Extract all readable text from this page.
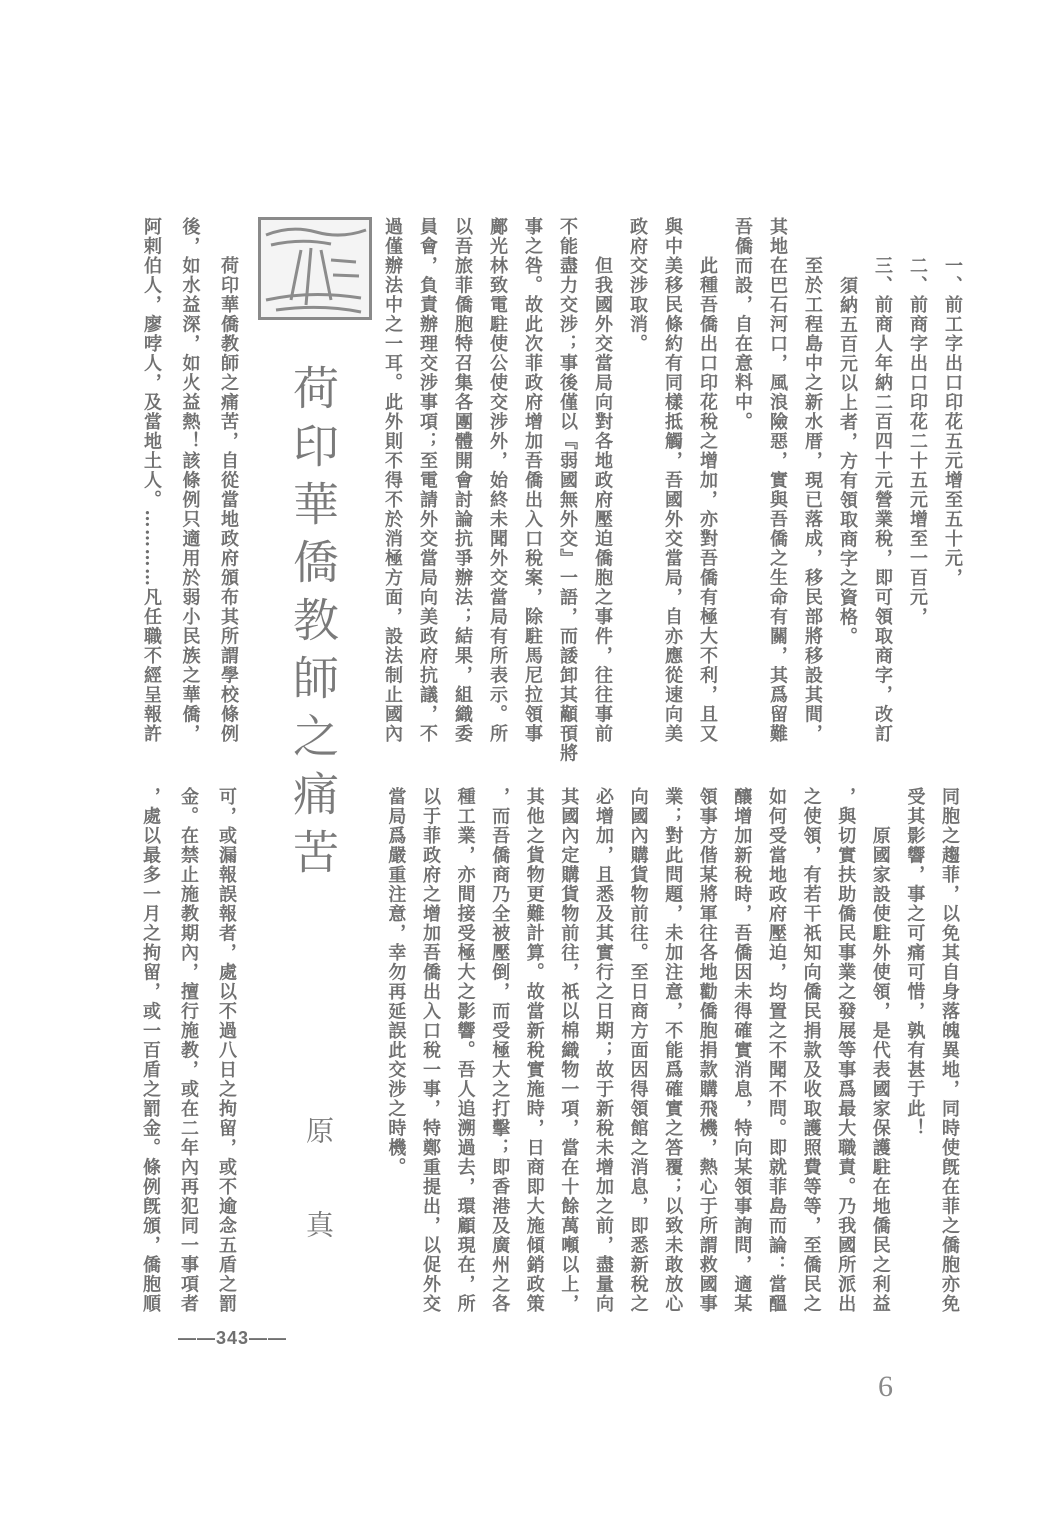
一、前工字出口印花五元增至五十元，
二、前商字出口印花二十五元增至一百元，
三、前商人年納二百四十元營業稅，即可領取商字，改訂
須納五百元以上者，方有領取商字之資格。
至於工程島中之新水厝，現已落成，移民部將移設其間，
其地在巴石河口，風浪險惡，實與吾僑之生命有關，其爲留難
吾僑而設，自在意料中。
此種吾僑出口印花稅之增加，亦對吾僑有極大不利，且又
與中美移民條約有同樣抵觸，吾國外交當局，自亦應從速向美
政府交涉取消。
但我國外交當局向對各地政府壓迫僑胞之事件，往往事前
不能盡力交涉；事後僅以『弱國無外交』一語，而諉卸其顢頇將
事之咎。故此次菲政府增加吾僑出入口稅案，除駐馬尼拉領事
鄺光林致電駐使公使交涉外，始終未聞外交當局有所表示。所
以吾旅菲僑胞特召集各團體開會討論抗爭辦法；結果，組織委
員會，負責辦理交涉事項；至電請外交當局向美政府抗議，不
過僅辦法中之一耳。此外則不得不於消極方面，設法制止國內
荷印華僑教師之痛苦，自從當地政府頒布其所謂學校條例
後，如水益深，如火益熱！該條例只適用於弱小民族之華僑，
阿剌伯人，廖哱人，及當地土人。…………凡任職不經呈報許
同胞之趨菲，以免其自身落魄異地，同時使旣在菲之僑胞亦免
受其影響，事之可痛可惜，孰有甚于此！
原國家設使駐外使領，是代表國家保護駐在地僑民之利益
，與切實扶助僑民事業之發展等事爲最大職責。乃我國所派出
之使領，有若干祇知向僑民捐款及收取護照費等等，至僑民之
如何受當地政府壓迫，均置之不聞不問。即就菲島而論：當醞
釀增加新稅時，吾僑因未得確實消息，特向某領事詢問，適某
領事方偕某將軍往各地勸僑胞捐款購飛機，熱心于所謂救國事
業；對此問題，未加注意，不能爲確實之答覆；以致未敢放心
向國內購貨物前往。至日商方面因得領館之消息，即悉新稅之
必增加，且悉及其實行之日期；故于新稅未增加之前，盡量向
其國內定購貨物前往，祇以棉織物一項，當在十餘萬噸以上，
其他之貨物更難計算。故當新稅實施時，日商即大施傾銷政策
，而吾僑商乃全被壓倒，而受極大之打擊；即香港及廣州之各
種工業，亦間接受極大之影響。吾人追溯過去，環顧現在，所
以于菲政府之增加吾僑出入口稅一事，特鄭重提出，以促外交
當局爲嚴重注意，幸勿再延誤此交涉之時機。
可，或漏報誤報者，處以不過八日之拘留，或不逾念五盾之罰
金。在禁止施教期內，擅行施教，或在二年內再犯同一事項者
，處以最多一月之拘留，或一百盾之罰金。條例旣頒，僑胞順
荷印華僑教師之痛苦
原
真
——343——
6
